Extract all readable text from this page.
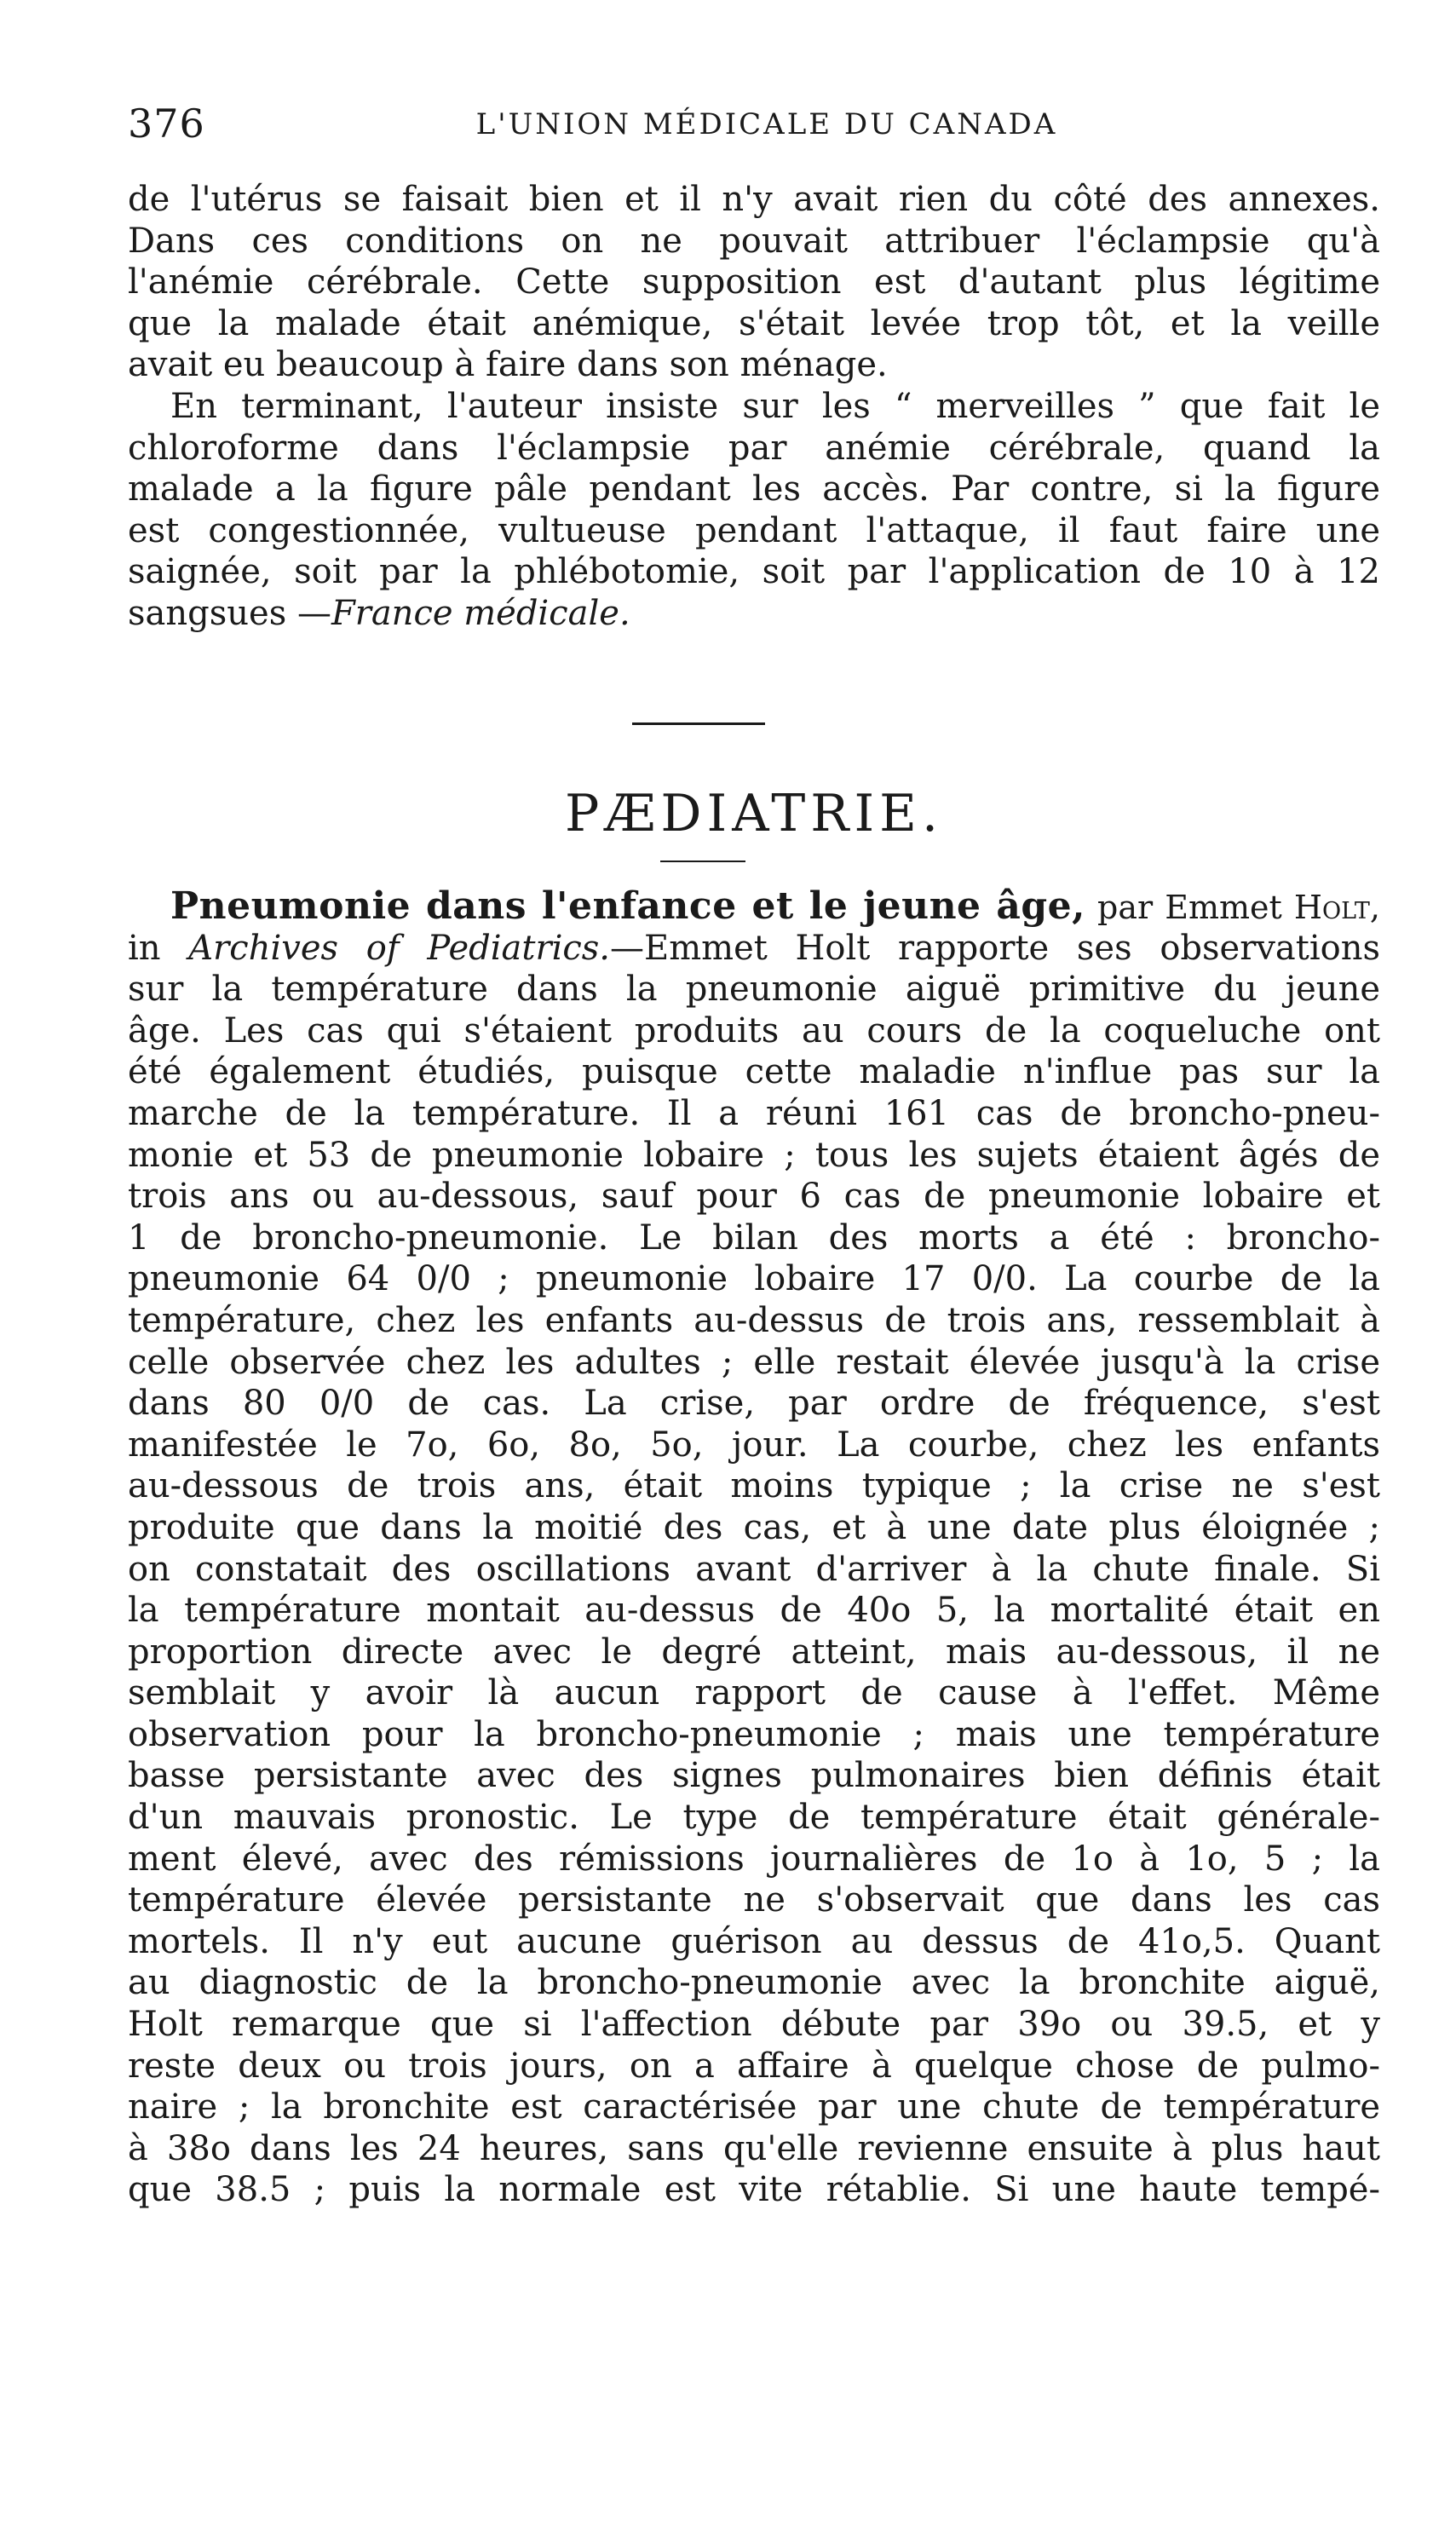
376	L'UNION MÉDICALE DU CANADA
de l'utérus se faisait bien et il n'y avait rien du côté des annexes.
Dans ces conditions on ne pouvait attribuer l'éclampsie qu'à
l'anémie cérébrale. Cette supposition est d'autant plus légitime
que la malade était anémique, s'était levée trop tôt, et la veille
avait eu beaucoup à faire dans son ménage.
En terminant, l'auteur insiste sur les “ merveilles ” que fait le
chloroforme dans l'éclampsie par anémie cérébrale, quand la
malade a la figure pâle pendant les accès. Par contre, si la figure
est congestionnée, vultueuse pendant l'attaque, il faut faire une
saignée, soit par la phlébotomie, soit par l'application de 10 à 12
sangsues —France médicale.
PÆDIATRIE.
Pneumonie dans l'enfance et le jeune âge, par Emmet Holt,
in Archives of Pediatrics.—Emmet Holt rapporte ses observations
sur la température dans la pneumonie aiguë primitive du jeune
âge. Les cas qui s'étaient produits au cours de la coqueluche ont
été également étudiés, puisque cette maladie n'influe pas sur la
marche de la température. Il a réuni 161 cas de broncho-pneu-
monie et 53 de pneumonie lobaire ; tous les sujets étaient âgés de
trois ans ou au-dessous, sauf pour 6 cas de pneumonie lobaire et
1 de broncho-pneumonie. Le bilan des morts a été : broncho-
pneumonie 64 0/0 ; pneumonie lobaire 17 0/0. La courbe de la
température, chez les enfants au-dessus de trois ans, ressemblait à
celle observée chez les adultes ; elle restait élevée jusqu'à la crise
dans 80 0/0 de cas. La crise, par ordre de fréquence, s'est
manifestée le 7o, 6o, 8o, 5o, jour. La courbe, chez les enfants
au-dessous de trois ans, était moins typique ; la crise ne s'est
produite que dans la moitié des cas, et à une date plus éloignée ;
on constatait des oscillations avant d'arriver à la chute finale. Si
la température montait au-dessus de 40o 5, la mortalité était en
proportion directe avec le degré atteint, mais au-dessous, il ne
semblait y avoir là aucun rapport de cause à l'effet. Même
observation pour la broncho-pneumonie ; mais une température
basse persistante avec des signes pulmonaires bien définis était
d'un mauvais pronostic. Le type de température était générale-
ment élevé, avec des rémissions journalières de 1o à 1o, 5 ; la
température élevée persistante ne s'observait que dans les cas
mortels. Il n'y eut aucune guérison au dessus de 41o,5. Quant
au diagnostic de la broncho-pneumonie avec la bronchite aiguë,
Holt remarque que si l'affection débute par 39o ou 39.5, et y
reste deux ou trois jours, on a affaire à quelque chose de pulmo-
naire ; la bronchite est caractérisée par une chute de température
à 38o dans les 24 heures, sans qu'elle revienne ensuite à plus haut
que 38.5 ; puis la normale est vite rétablie. Si une haute tempé-
